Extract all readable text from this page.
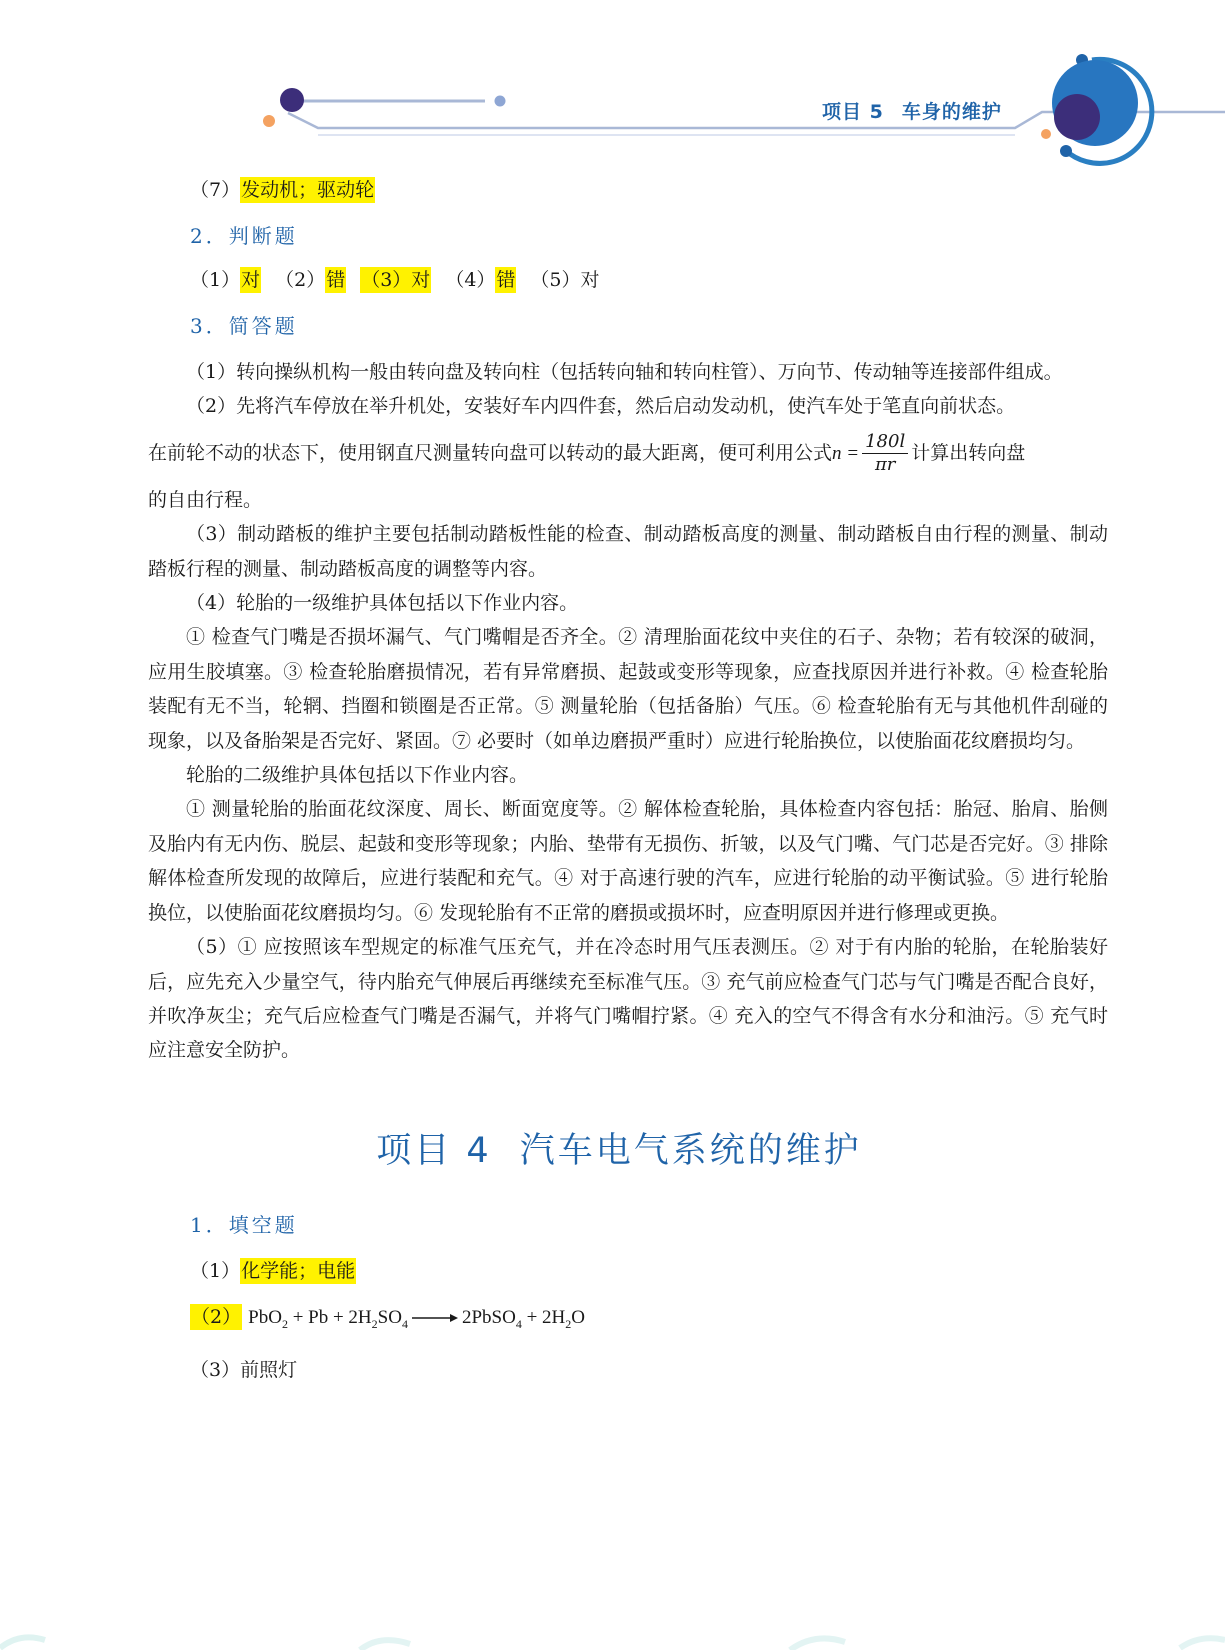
项目 5 车身的维护

（7）发动机；驱动轮

2．判断题

（1）对 （2）错 （3）对 （4）错 （5）对

3．简答题

（1）转向操纵机构一般由转向盘及转向柱（包括转向轴和转向柱管）、万向节、传动轴等连接部件组成。

（2）先将汽车停放在举升机处，安装好车内四件套，然后启动发动机，使汽车处于笔直向前状态。

在前轮不动的状态下，使用钢直尺测量转向盘可以转动的最大距离，便可利用公式$n = \frac{180l}{\pi r}$ 计算出转向盘

的自由行程。

（3）制动踏板的维护主要包括制动踏板性能的检查、制动踏板高度的测量、制动踏板自由行程的测量、制动踏板行程的测量、制动踏板高度的调整等内容。

（4）轮胎的一级维护具体包括以下作业内容。

① 检查气门嘴是否损坏漏气、气门嘴帽是否齐全。② 清理胎面花纹中夹住的石子、杂物；若有较深的破洞，应用生胶填塞。③ 检查轮胎磨损情况，若有异常磨损、起鼓或变形等现象，应查找原因并进行补救。④ 检查轮胎装配有无不当，轮辋、挡圈和锁圈是否正常。⑤ 测量轮胎（包括备胎）气压。⑥ 检查轮胎有无与其他机件刮碰的现象，以及备胎架是否完好、紧固。⑦ 必要时（如单边磨损严重时）应进行轮胎换位，以使胎面花纹磨损均匀。

轮胎的二级维护具体包括以下作业内容。

① 测量轮胎的胎面花纹深度、周长、断面宽度等。② 解体检查轮胎，具体检查内容包括：胎冠、胎肩、胎侧及胎内有无内伤、脱层、起鼓和变形等现象；内胎、垫带有无损伤、折皱，以及气门嘴、气门芯是否完好。③ 排除解体检查所发现的故障后，应进行装配和充气。④ 对于高速行驶的汽车，应进行轮胎的动平衡试验。⑤ 进行轮胎换位，以使胎面花纹磨损均匀。⑥ 发现轮胎有不正常的磨损或损坏时，应查明原因并进行修理或更换。

（5）① 应按照该车型规定的标准气压充气，并在冷态时用气压表测压。② 对于有内胎的轮胎，在轮胎装好后，应先充入少量空气，待内胎充气伸展后再继续充至标准气压。③ 充气前应检查气门芯与气门嘴是否配合良好，并吹净灰尘；充气后应检查气门嘴是否漏气，并将气门嘴帽拧紧。④ 充入的空气不得含有水分和油污。⑤ 充气时应注意安全防护。

项目 4 汽车电气系统的维护

1．填空题

（1）化学能；电能

（2） $PbO_2 + Pb + 2H_2SO_4$ → 2PbSO$_4$ + $2H_2O$

（3）前照灯
